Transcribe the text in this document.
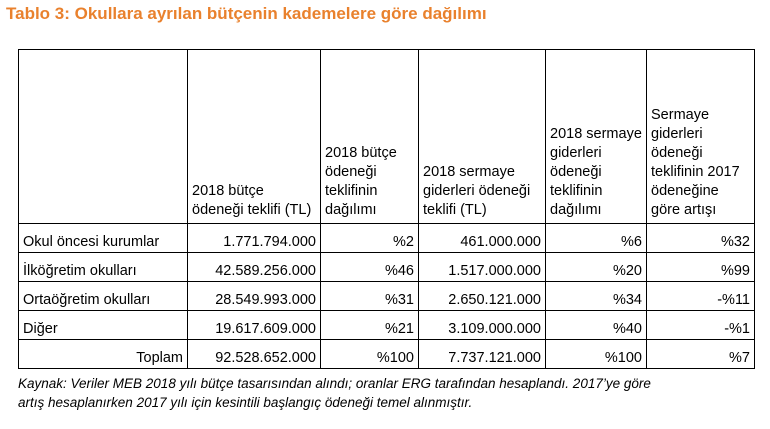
Tablo 3: Okullara ayrılan bütçenin kademelere göre dağılımı
	2018 bütçe ödeneği teklifi (TL)	2018 bütçe ödeneği teklifinin dağılımı	2018 sermaye giderleri ödeneği teklifi (TL)	2018 sermaye giderleri ödeneği teklifinin dağılımı	Sermaye giderleri ödeneği teklifinin 2017 ödeneğine göre artışı
Okul öncesi kurumlar	1.771.794.000	%2	461.000.000	%6	%32
İlköğretim okulları	42.589.256.000	%46	1.517.000.000	%20	%99
Ortaöğretim okulları	28.549.993.000	%31	2.650.121.000	%34	-%11
Diğer	19.617.609.000	%21	3.109.000.000	%40	-%1
Toplam	92.528.652.000	%100	7.737.121.000	%100	%7
Kaynak: Veriler MEB 2018 yılı bütçe tasarısından alındı; oranlar ERG tarafından hesaplandı. 2017’ye göre
artış hesaplanırken 2017 yılı için kesintili başlangıç ödeneği temel alınmıştır.
